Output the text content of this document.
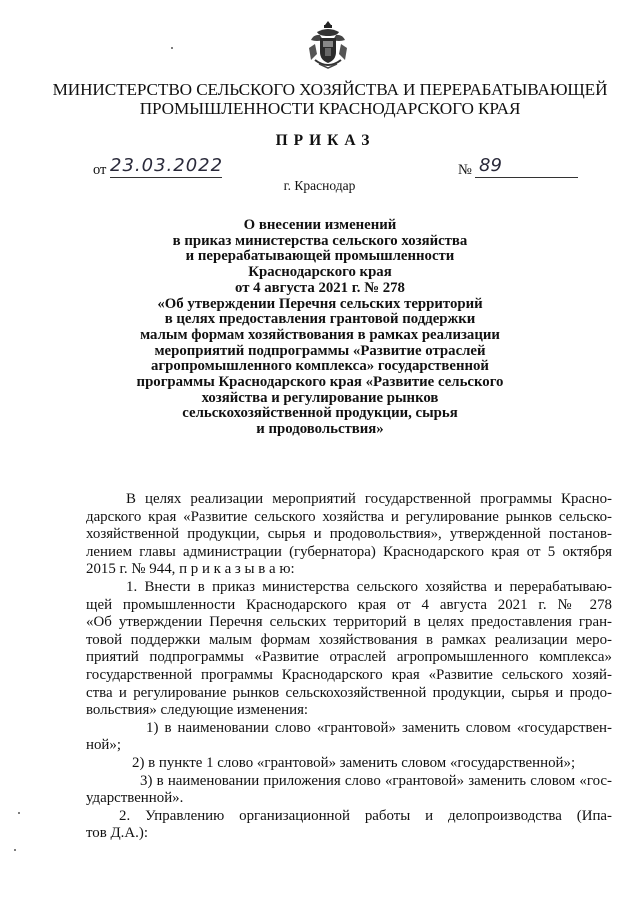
МИНИСТЕРСТВО СЕЛЬСКОГО ХОЗЯЙСТВА И ПЕРЕРАБАТЫВАЮЩЕЙ
ПРОМЫШЛЕННОСТИ КРАСНОДАРСКОГО КРАЯ
ПРИКАЗ
от 23.03.2022	№ 89
г. Краснодар
О внесении изменений
в приказ министерства сельского хозяйства
и перерабатывающей промышленности
Краснодарского края
от 4 августа 2021 г. № 278
«Об утверждении Перечня сельских территорий
в целях предоставления грантовой поддержки
малым формам хозяйствования в рамках реализации
мероприятий подпрограммы «Развитие отраслей
агропромышленного комплекса» государственной
программы Краснодарского края «Развитие сельского
хозяйства и регулирование рынков
сельскохозяйственной продукции, сырья
и продовольствия»
В целях реализации мероприятий государственной программы Красно-
дарского края «Развитие сельского хозяйства и регулирование рынков сельско-
хозяйственной продукции, сырья и продовольствия», утвержденной постанов-
лением главы администрации (губернатора) Краснодарского края от 5 октября
2015 г. № 944, п р и к а з ы в а ю:
1. Внести в приказ министерства сельского хозяйства и перерабатываю-
щей промышленности Краснодарского края от 4 августа 2021 г. № 278
«Об утверждении Перечня сельских территорий в целях предоставления гран-
товой поддержки малым формам хозяйствования в рамках реализации меро-
приятий подпрограммы «Развитие отраслей агропромышленного комплекса»
государственной программы Краснодарского края «Развитие сельского хозяй-
ства и регулирование рынков сельскохозяйственной продукции, сырья и продо-
вольствия» следующие изменения:
1) в наименовании слово «грантовой» заменить словом «государствен-
ной»;
2) в пункте 1 слово «грантовой» заменить словом «государственной»;
3) в наименовании приложения слово «грантовой» заменить словом «гос-
ударственной».
2. Управлению организационной работы и делопроизводства (Ипа-
тов Д.А.):
